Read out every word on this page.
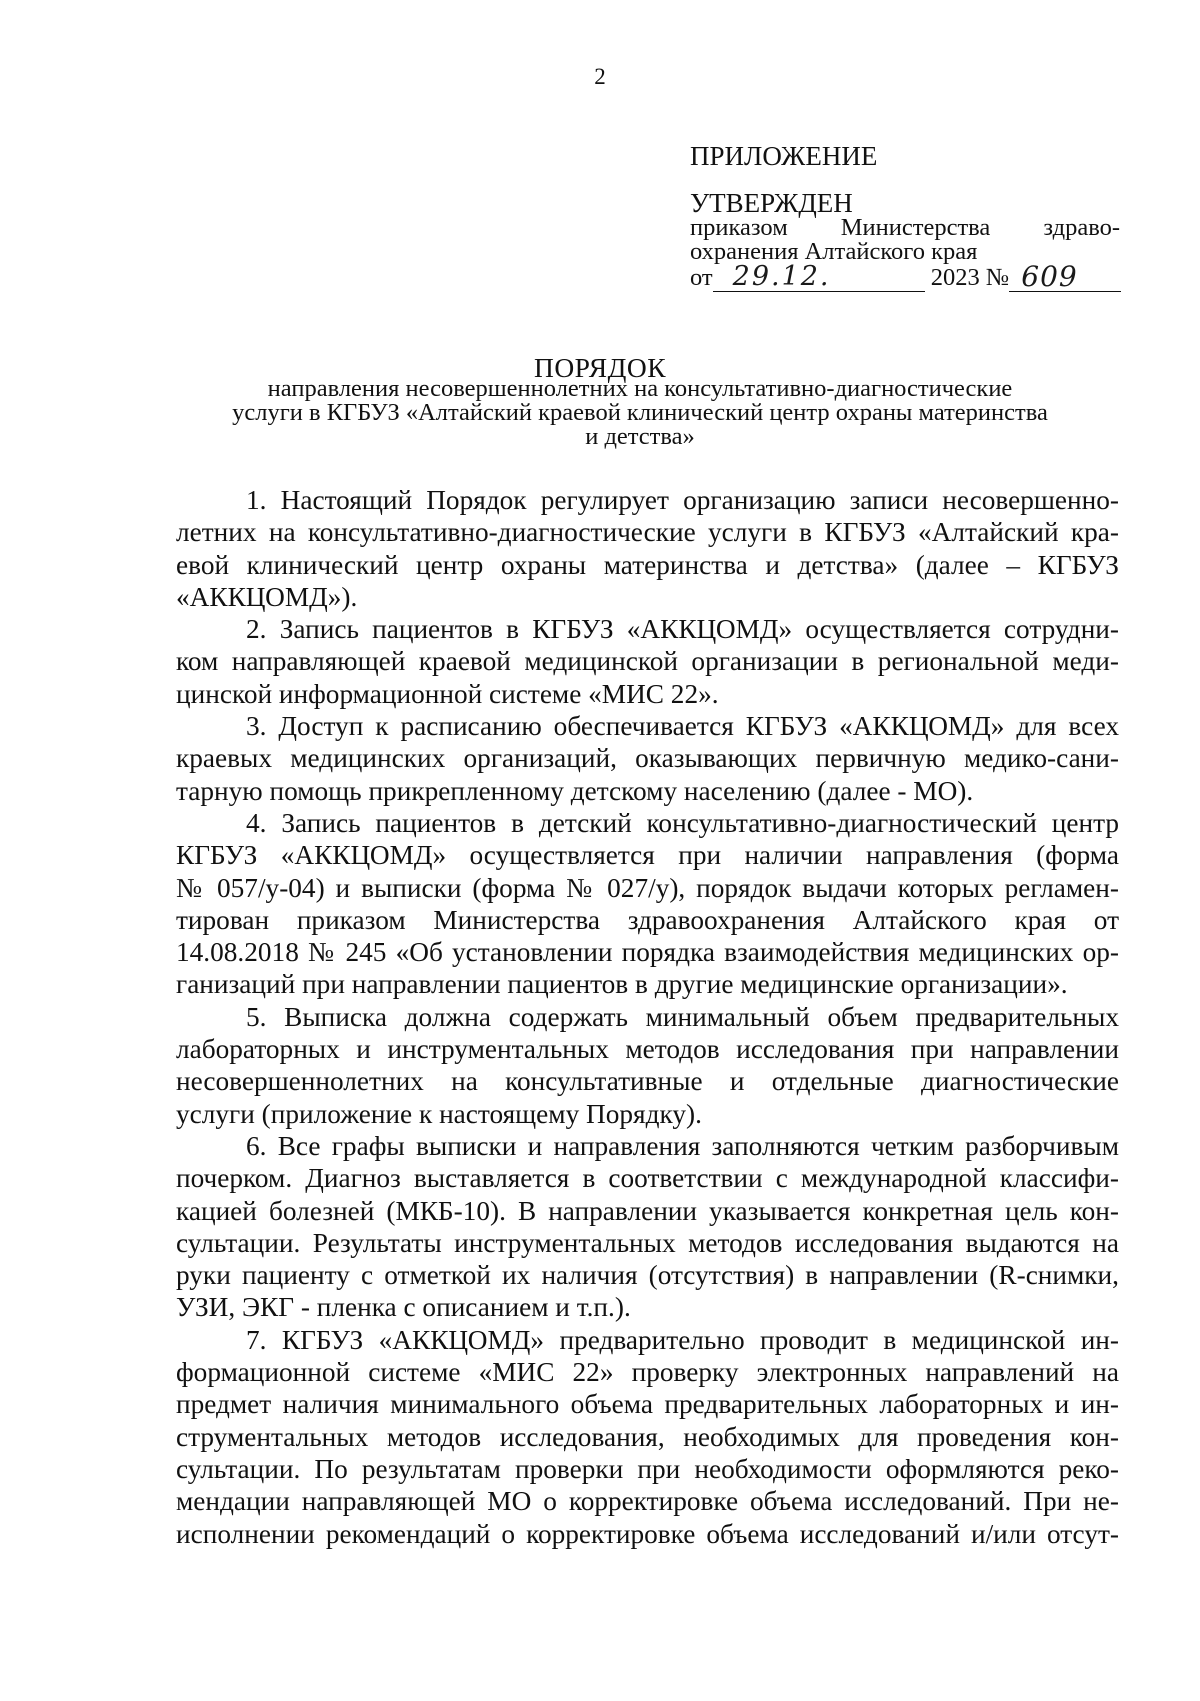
2
ПРИЛОЖЕНИЕ
УТВЕРЖДЕН
приказом Министерства здраво-
охранения Алтайского края
от 29.12.	2023 № 609
ПОРЯДОК
направления несовершеннолетних на консультативно-диагностические
услуги в КГБУЗ «Алтайский краевой клинический центр охраны материнства
и детства»
1. Настоящий Порядок регулирует организацию записи несовершенно-
летних на консультативно-диагностические услуги в КГБУЗ «Алтайский кра-
евой клинический центр охраны материнства и детства» (далее – КГБУЗ
«АККЦОМД»).
2. Запись пациентов в КГБУЗ «АККЦОМД» осуществляется сотрудни-
ком направляющей краевой медицинской организации в региональной меди-
цинской информационной системе «МИС 22».
3. Доступ к расписанию обеспечивается КГБУЗ «АККЦОМД» для всех
краевых медицинских организаций, оказывающих первичную медико-сани-
тарную помощь прикрепленному детскому населению (далее - МО).
4. Запись пациентов в детский консультативно-диагностический центр
КГБУЗ «АККЦОМД» осуществляется при наличии направления (форма
№ 057/у-04) и выписки (форма № 027/у), порядок выдачи которых регламен-
тирован приказом Министерства здравоохранения Алтайского края от
14.08.2018 № 245 «Об установлении порядка взаимодействия медицинских ор-
ганизаций при направлении пациентов в другие медицинские организации».
5. Выписка должна содержать минимальный объем предварительных
лабораторных и инструментальных методов исследования при направлении
несовершеннолетних на консультативные и отдельные диагностические
услуги (приложение к настоящему Порядку).
6. Все графы выписки и направления заполняются четким разборчивым
почерком. Диагноз выставляется в соответствии с международной классифи-
кацией болезней (МКБ-10). В направлении указывается конкретная цель кон-
сультации. Результаты инструментальных методов исследования выдаются на
руки пациенту с отметкой их наличия (отсутствия) в направлении (R-снимки,
УЗИ, ЭКГ - пленка с описанием и т.п.).
7. КГБУЗ «АККЦОМД» предварительно проводит в медицинской ин-
формационной системе «МИС 22» проверку электронных направлений на
предмет наличия минимального объема предварительных лабораторных и ин-
струментальных методов исследования, необходимых для проведения кон-
сультации. По результатам проверки при необходимости оформляются реко-
мендации направляющей МО о корректировке объема исследований. При не-
исполнении рекомендаций о корректировке объема исследований и/или отсут-
